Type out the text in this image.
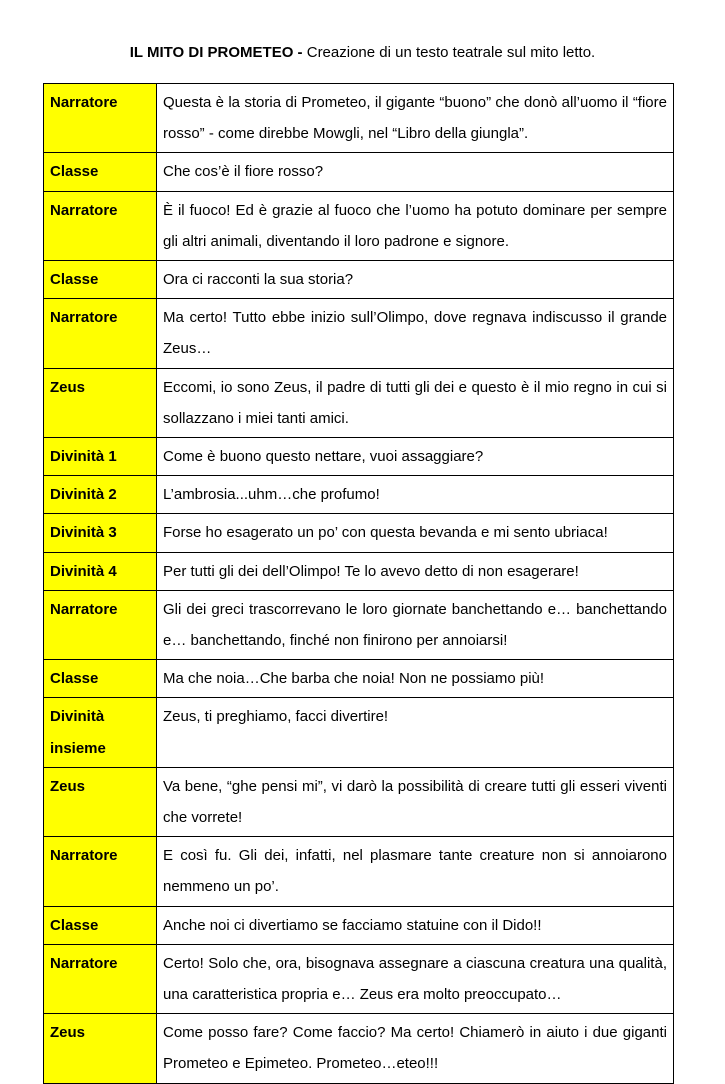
IL MITO DI PROMETEO - Creazione di un testo teatrale sul mito letto.
Narratore	Questa è la storia di Prometeo, il gigante “buono” che donò all’uomo il “fiore rosso” - come direbbe Mowgli, nel “Libro della giungla”.
Classe	Che cos’è il fiore rosso?
Narratore	È il fuoco! Ed è grazie al fuoco che l’uomo ha potuto dominare per sempre gli altri animali, diventando il loro padrone e signore.
Classe	Ora ci racconti la sua storia?
Narratore	Ma certo! Tutto ebbe inizio sull’Olimpo, dove regnava indiscusso il grande Zeus…
Zeus	Eccomi, io sono Zeus, il padre di tutti gli dei e questo è il mio regno in cui si sollazzano i miei tanti amici.
Divinità 1	Come è buono questo nettare, vuoi assaggiare?
Divinità 2	L’ambrosia...uhm…che profumo!
Divinità 3	Forse ho esagerato un po’ con questa bevanda e mi sento ubriaca!
Divinità 4	Per tutti gli dei dell’Olimpo! Te lo avevo detto di non esagerare!
Narratore	Gli dei greci trascorrevano le loro giornate banchettando e… banchettando e… banchettando, finché non finirono per annoiarsi!
Classe	Ma che noia…Che barba che noia! Non ne possiamo più!
Divinità insieme	Zeus, ti preghiamo, facci divertire!
Zeus	Va bene, “ghe pensi mi”, vi darò la possibilità di creare tutti gli esseri viventi che vorrete!
Narratore	E così fu. Gli dei, infatti, nel plasmare tante creature non si annoiarono nemmeno un po’.
Classe	Anche noi ci divertiamo se facciamo statuine con il Dido!!
Narratore	Certo! Solo che, ora, bisognava assegnare a ciascuna creatura una qualità, una caratteristica propria e… Zeus era molto preoccupato…
Zeus	Come posso fare? Come faccio? Ma certo! Chiamerò in aiuto i due giganti Prometeo e Epimeteo. Prometeo…eteo!!!
